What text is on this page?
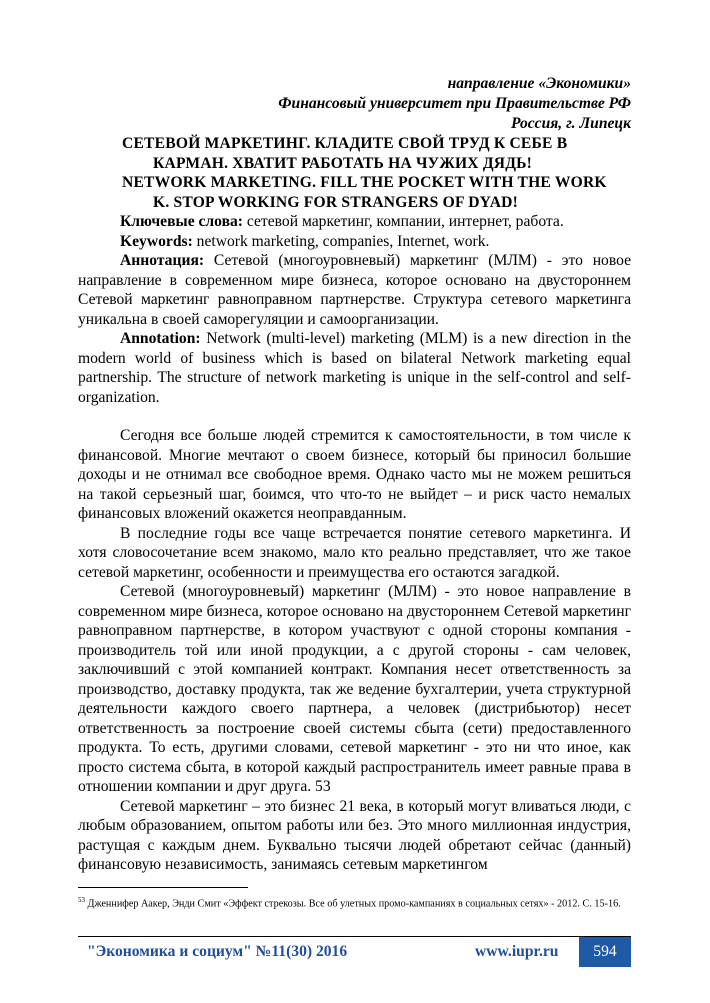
направление «Экономики»
Финансовый университет при Правительстве РФ
Россия, г. Липецк
СЕТЕВОЙ МАРКЕТИНГ. КЛАДИТЕ СВОЙ ТРУД К СЕБЕ В
КАРМАН. ХВАТИТ РАБОТАТЬ НА ЧУЖИХ ДЯДЬ!
NETWORK MARKETING. FILL THE POCKET WITH THE WORK
K. STOP WORKING FOR STRANGERS OF DYAD!

Ключевые слова: сетевой маркетинг, компании, интернет, работа.

Keywords: network marketing, companies, Internet, work.

Аннотация: Сетевой (многоуровневый) маркетинг (МЛМ) - это новое направление в современном мире бизнеса, которое основано на двустороннем Сетевой маркетинг равноправном партнерстве. Структура сетевого маркетинга уникальна в своей саморегуляции и самоорганизации.

Annotation: Network (multi-level) marketing (MLM) is a new direction in the modern world of business which is based on bilateral Network marketing equal partnership. The structure of network marketing is unique in the self-control and self-organization.

Сегодня все больше людей стремится к самостоятельности, в том числе к финансовой. Многие мечтают о своем бизнесе, который бы приносил большие доходы и не отнимал все свободное время. Однако часто мы не можем решиться на такой серьезный шаг, боимся, что что-то не выйдет – и риск часто немалых финансовых вложений окажется неоправданным.

В последние годы все чаще встречается понятие сетевого маркетинга. И хотя словосочетание всем знакомо, мало кто реально представляет, что же такое сетевой маркетинг, особенности и преимущества его остаются загадкой.

Сетевой (многоуровневый) маркетинг (МЛМ) - это новое направление в современном мире бизнеса, которое основано на двустороннем Сетевой маркетинг равноправном партнерстве, в котором участвуют с одной стороны компания - производитель той или иной продукции, а с другой стороны - сам человек, заключивший с этой компанией контракт. Компания несет ответственность за производство, доставку продукта, так же ведение бухгалтерии, учета структурной деятельности каждого своего партнера, а человек (дистрибьютор) несет ответственность за построение своей системы сбыта (сети) предоставленного продукта. То есть, другими словами, сетевой маркетинг - это ни что иное, как просто система сбыта, в которой каждый распространитель имеет равные права в отношении компании и друг друга. 53

Сетевой маркетинг – это бизнес 21 века, в который могут вливаться люди, с любым образованием, опытом работы или без. Это много миллионная индустрия, растущая с каждым днем. Буквально тысячи людей обретают сейчас (данный) финансовую независимость, занимаясь сетевым маркетингом

$^{53}$ Дженнифер Аакер, Энди Смит «Эффект стрекозы. Все об улетных промо-кампаниях в социальных сетях» - 2012. С. 15-16.
"Экономика и социум" №11(30) 2016	www.iupr.ru	594
